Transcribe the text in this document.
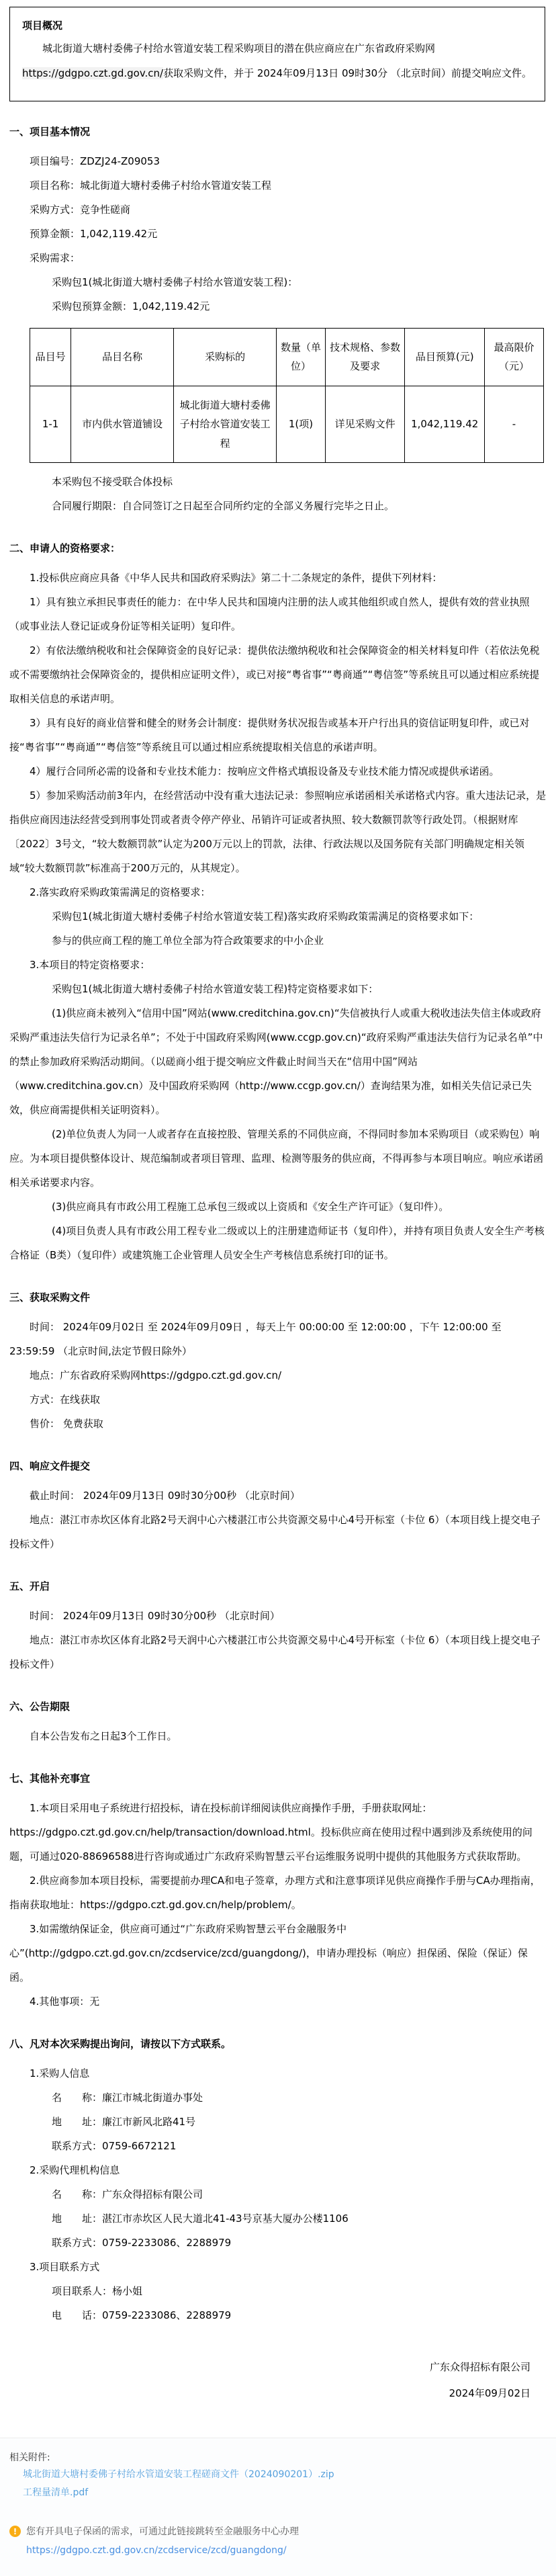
项目概况

城北街道大塘村委佛子村给水管道安装工程采购项目的潜在供应商应在广东省政府采购网https://gdgpo.czt.gd.gov.cn/获取采购文件，并于 2024年09月13日 09时30分 （北京时间）前提交响应文件。

一、项目基本情况

项目编号：ZDZJ24-Z09053

项目名称：城北街道大塘村委佛子村给水管道安装工程

采购方式：竞争性磋商

预算金额：1,042,119.42元

采购需求：

采购包1(城北街道大塘村委佛子村给水管道安装工程)：

采购包预算金额：1,042,119.42元

品目号	品目名称	采购标的	数量（单位）	技术规格、参数及要求	品目预算(元)	最高限价（元）
1-1	市内供水管道铺设	城北街道大塘村委佛子村给水管道安装工程	1(项)	详见采购文件	1,042,119.42	-

本采购包不接受联合体投标

合同履行期限：自合同签订之日起至合同所约定的全部义务履行完毕之日止。

二、申请人的资格要求：

1.投标供应商应具备《中华人民共和国政府采购法》第二十二条规定的条件，提供下列材料：

1）具有独立承担民事责任的能力：在中华人民共和国境内注册的法人或其他组织或自然人，提供有效的营业执照（或事业法人登记证或身份证等相关证明）复印件。

2）有依法缴纳税收和社会保障资金的良好记录：提供依法缴纳税收和社会保障资金的相关材料复印件（若依法免税或不需要缴纳社会保障资金的，提供相应证明文件），或已对接“粤省事”“粤商通”“粤信签”等系统且可以通过相应系统提取相关信息的承诺声明。

3）具有良好的商业信誉和健全的财务会计制度：提供财务状况报告或基本开户行出具的资信证明复印件，或已对接“粤省事”“粤商通”“粤信签”等系统且可以通过相应系统提取相关信息的承诺声明。

4）履行合同所必需的设备和专业技术能力：按响应文件格式填报设备及专业技术能力情况或提供承诺函。

5）参加采购活动前3年内，在经营活动中没有重大违法记录：参照响应承诺函相关承诺格式内容。重大违法记录，是指供应商因违法经营受到刑事处罚或者责令停产停业、吊销许可证或者执照、较大数额罚款等行政处罚。（根据财库〔2022〕3号文，“较大数额罚款”认定为200万元以上的罚款，法律、行政法规以及国务院有关部门明确规定相关领域“较大数额罚款”标准高于200万元的，从其规定）。

2.落实政府采购政策需满足的资格要求：

采购包1(城北街道大塘村委佛子村给水管道安装工程)落实政府采购政策需满足的资格要求如下：

参与的供应商工程的施工单位全部为符合政策要求的中小企业

3.本项目的特定资格要求：

采购包1(城北街道大塘村委佛子村给水管道安装工程)特定资格要求如下：

(1)供应商未被列入“信用中国”网站(www.creditchina.gov.cn)“失信被执行人或重大税收违法失信主体或政府采购严重违法失信行为记录名单”；不处于中国政府采购网(www.ccgp.gov.cn)“政府采购严重违法失信行为记录名单”中的禁止参加政府采购活动期间。（以磋商小组于提交响应文件截止时间当天在“信用中国”网站（www.creditchina.gov.cn）及中国政府采购网（http://www.ccgp.gov.cn/）查询结果为准，如相关失信记录已失效，供应商需提供相关证明资料）。

(2)单位负责人为同一人或者存在直接控股、管理关系的不同供应商，不得同时参加本采购项目（或采购包）响应。为本项目提供整体设计、规范编制或者项目管理、监理、检测等服务的供应商，不得再参与本项目响应。响应承诺函相关承诺要求内容。

(3)供应商具有市政公用工程施工总承包三级或以上资质和《安全生产许可证》（复印件）。

(4)项目负责人具有市政公用工程专业二级或以上的注册建造师证书（复印件），并持有项目负责人安全生产考核合格证（B类）（复印件）或建筑施工企业管理人员安全生产考核信息系统打印的证书。

三、获取采购文件

时间： 2024年09月02日 至 2024年09月09日 ，每天上午 00:00:00 至 12:00:00 ，下午 12:00:00 至 23:59:59 （北京时间,法定节假日除外）

地点：广东省政府采购网https://gdgpo.czt.gd.gov.cn/

方式：在线获取

售价： 免费获取

四、响应文件提交

截止时间： 2024年09月13日 09时30分00秒 （北京时间）

地点：湛江市赤坎区体育北路2号天润中心六楼湛江市公共资源交易中心4号开标室（卡位 6）（本项目线上提交电子投标文件）

五、开启

时间： 2024年09月13日 09时30分00秒 （北京时间）

地点：湛江市赤坎区体育北路2号天润中心六楼湛江市公共资源交易中心4号开标室（卡位 6）（本项目线上提交电子投标文件）

六、公告期限

自本公告发布之日起3个工作日。

七、其他补充事宜

1.本项目采用电子系统进行招投标，请在投标前详细阅读供应商操作手册，手册获取网址：https://gdgpo.czt.gd.gov.cn/help/transaction/download.html。投标供应商在使用过程中遇到涉及系统使用的问题，可通过020-88696588进行咨询或通过广东政府采购智慧云平台运维服务说明中提供的其他服务方式获取帮助。

2.供应商参加本项目投标，需要提前办理CA和电子签章，办理方式和注意事项详见供应商操作手册与CA办理指南，指南获取地址：https://gdgpo.czt.gd.gov.cn/help/problem/。

3.如需缴纳保证金，供应商可通过“广东政府采购智慧云平台金融服务中心”(http://gdgpo.czt.gd.gov.cn/zcdservice/zcd/guangdong/)，申请办理投标（响应）担保函、保险（保证）保函。

4.其他事项：无

八、凡对本次采购提出询问，请按以下方式联系。

1.采购人信息

名　　称：廉江市城北街道办事处

地　　址：廉江市新风北路41号

联系方式：0759-6672121

2.采购代理机构信息

名　　称：广东众得招标有限公司

地　　址：湛江市赤坎区人民大道北41-43号京基大厦办公楼1106

联系方式：0759-2233086、2288979

3.项目联系方式

项目联系人：杨小姐

电　　话：0759-2233086、2288979

广东众得招标有限公司
2024年09月02日

相关附件:

城北街道大塘村委佛子村给水管道安装工程磋商文件（2024090201）.zip
工程量清单.pdf
! 您有开具电子保函的需求，可通过此链接跳转至金融服务中心办理

https://gdgpo.czt.gd.gov.cn/zcdservice/zcd/guangdong/
